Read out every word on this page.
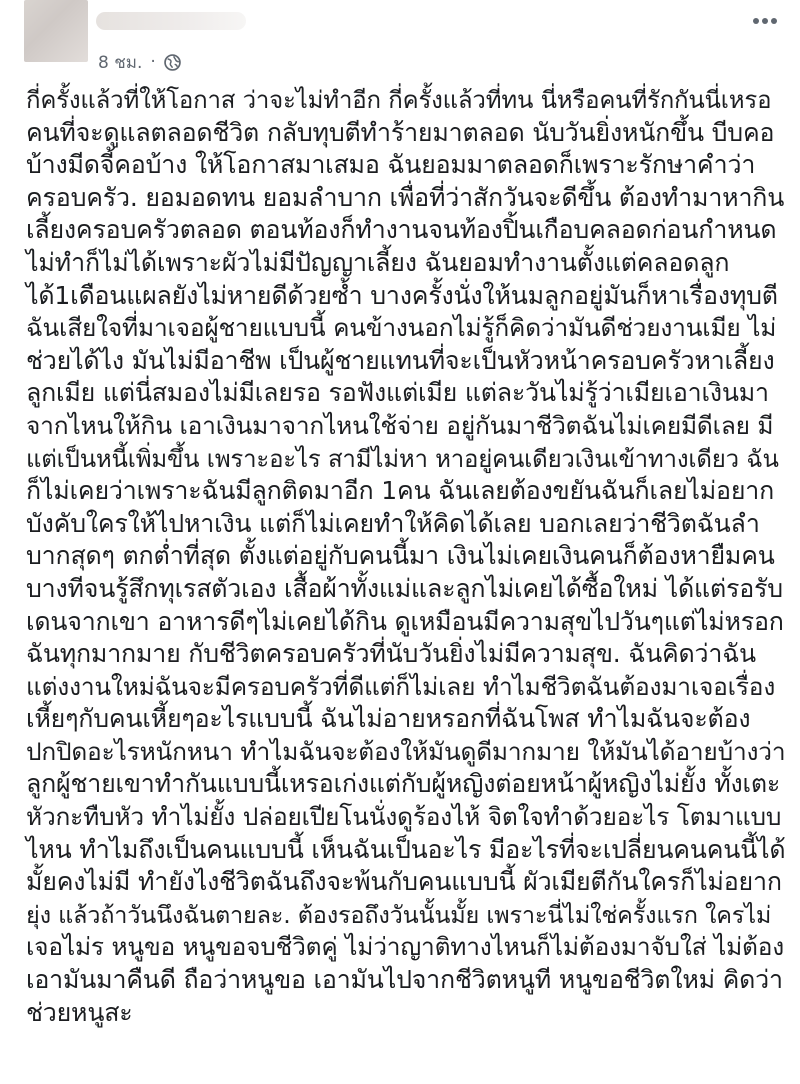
8 ชม. ·
กี่ครั้งแล้วที่ให้โอกาส ว่าจะไม่ทำอีก กี่ครั้งแล้วที่ทน นี่หรือคนที่รักกันนี่เหรอ
คนที่จะดูแลตลอดชีวิต กลับทุบตีทำร้ายมาตลอด นับวันยิ่งหนักขึ้น บีบคอ
บ้างมีดจี้คอบ้าง ให้โอกาสมาเสมอ ฉันยอมมาตลอดก็เพราะรักษาคำว่า
ครอบครัว. ยอมอดทน ยอมลำบาก เพื่อที่ว่าสักวันจะดีขึ้น ต้องทำมาหากิน
เลี้ยงครอบครัวตลอด ตอนท้องก็ทำงานจนท้องปิ้นเกือบคลอดก่อนกำหนด
ไม่ทำก็ไม่ได้เพราะผัวไม่มีปัญญาเลี้ยง ฉันยอมทำงานตั้งแต่คลอดลูก
ได้1เดือนแผลยังไม่หายดีด้วยซ้ำ บางครั้งนั่งให้นมลูกอยู่มันก็หาเรื่องทุบตี
ฉันเสียใจที่มาเจอผู้ชายแบบนี้ คนข้างนอกไม่รู้ก็คิดว่ามันดีช่วยงานเมีย ไม่
ช่วยได้ไง มันไม่มีอาชีพ เป็นผู้ชายแทนที่จะเป็นหัวหน้าครอบครัวหาเลี้ยง
ลูกเมีย แต่นี่สมองไม่มีเลยรอ รอฟังแต่เมีย แต่ละวันไม่รู้ว่าเมียเอาเงินมา
จากไหนให้กิน เอาเงินมาจากไหนใช้จ่าย อยู่กันมาชีวิตฉันไม่เคยมีดีเลย มี
แต่เป็นหนี้เพิ่มขึ้น เพราะอะไร สามีไม่หา หาอยู่คนเดียวเงินเข้าทางเดียว ฉัน
ก็ไม่เคยว่าเพราะฉันมีลูกติดมาอีก 1คน ฉันเลยต้องขยันฉันก็เลยไม่อยาก
บังคับใครให้ไปหาเงิน แต่ก็ไม่เคยทำให้คิดได้เลย บอกเลยว่าชีวิตฉันลำ
บากสุดๆ ตกต่ำที่สุด ตั้งแต่อยู่กับคนนี้มา เงินไม่เคยเงินคนก็ต้องหายืมคน
บางทีจนรู้สึกทุเรสตัวเอง เสื้อผ้าทั้งแม่และลูกไม่เคยได้ซื้อใหม่ ได้แต่รอรับ
เดนจากเขา อาหารดีๆไม่เคยได้กิน ดูเหมือนมีความสุขไปวันๆแต่ไม่หรอก
ฉันทุกมากมาย กับชีวิตครอบครัวที่นับวันยิ่งไม่มีความสุข. ฉันคิดว่าฉัน
แต่งงานใหม่ฉันจะมีครอบครัวที่ดีแต่ก็ไม่เลย ทำไมชีวิตฉันต้องมาเจอเรื่อง
เหี้ยๆกับคนเหี้ยๆอะไรแบบนี้ ฉันไม่อายหรอกที่ฉันโพส ทำไมฉันจะต้อง
ปกปิดอะไรหนักหนา ทำไมฉันจะต้องให้มันดูดีมากมาย ให้มันได้อายบ้างว่า
ลูกผู้ชายเขาทำกันแบบนี้เหรอเก่งแต่กับผู้หญิงต่อยหน้าผู้หญิงไม่ยั้ง ทั้งเตะ
หัวกะทืบหัว ทำไม่ยั้ง ปล่อยเปียโนนั่งดูร้องไห้ จิตใจทำด้วยอะไร โตมาแบบ
ไหน ทำไมถึงเป็นคนแบบนี้ เห็นฉันเป็นอะไร มีอะไรที่จะเปลี่ยนคนคนนี้ได้
มั้ยคงไม่มี ทำยังไงชีวิตฉันถึงจะพ้นกับคนแบบนี้ ผัวเมียตีกันใครก็ไม่อยาก
ยุ่ง แล้วถ้าวันนึงฉันตายละ. ต้องรอถึงวันนั้นมั้ย เพราะนี่ไม่ใช่ครั้งแรก ใครไม่
เจอไม่ร หนูขอ หนูขอจบชีวิตคู่ ไม่ว่าญาติทางไหนก็ไม่ต้องมาจับใส่ ไม่ต้อง
เอามันมาคืนดี ถือว่าหนูขอ เอามันไปจากชีวิตหนูที หนูขอชีวิตใหม่ คิดว่า
ช่วยหนูสะ
